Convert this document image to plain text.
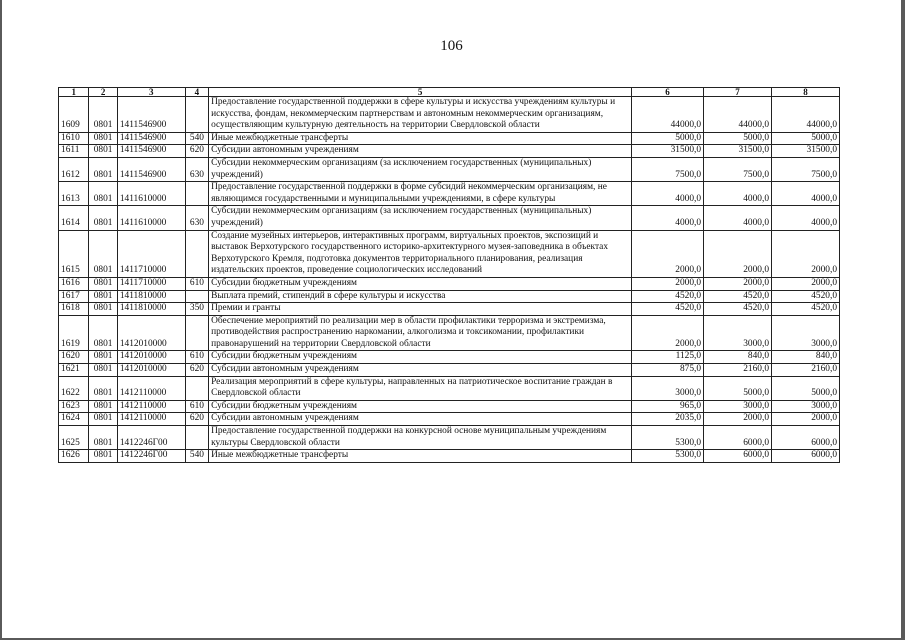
106
1	2	3	4	5	6	7	8
1609	0801	1411546900		Предоставление государственной поддержки в сфере культуры и искусства учреждениям культуры и искусства, фондам, некоммерческим партнерствам и автономным некоммерческим организациям, осуществляющим культурную деятельность на территории Свердловской области	44000,0	44000,0	44000,0
1610	0801	1411546900	540	Иные межбюджетные трансферты	5000,0	5000,0	5000,0
1611	0801	1411546900	620	Субсидии автономным учреждениям	31500,0	31500,0	31500,0
1612	0801	1411546900	630	Субсидии некоммерческим организациям (за исключением государственных (муниципальных) учреждений)	7500,0	7500,0	7500,0
1613	0801	1411610000		Предоставление государственной поддержки в форме субсидий некоммерческим организациям, не являющимся государственными и муниципальными учреждениями, в сфере культуры	4000,0	4000,0	4000,0
1614	0801	1411610000	630	Субсидии некоммерческим организациям (за исключением государственных (муниципальных) учреждений)	4000,0	4000,0	4000,0
1615	0801	1411710000		Создание музейных интерьеров, интерактивных программ, виртуальных проектов, экспозиций и выставок Верхотурского государственного историко-архитектурного музея-заповедника в объектах Верхотурского Кремля, подготовка документов территориального планирования, реализация издательских проектов, проведение социологических исследований	2000,0	2000,0	2000,0
1616	0801	1411710000	610	Субсидии бюджетным учреждениям	2000,0	2000,0	2000,0
1617	0801	1411810000		Выплата премий, стипендий в сфере культуры и искусства	4520,0	4520,0	4520,0
1618	0801	1411810000	350	Премии и гранты	4520,0	4520,0	4520,0
1619	0801	1412010000		Обеспечение мероприятий по реализации мер в области профилактики терроризма и экстремизма, противодействия распространению наркомании, алкоголизма и токсикомании, профилактики правонарушений на территории Свердловской области	2000,0	3000,0	3000,0
1620	0801	1412010000	610	Субсидии бюджетным учреждениям	1125,0	840,0	840,0
1621	0801	1412010000	620	Субсидии автономным учреждениям	875,0	2160,0	2160,0
1622	0801	1412110000		Реализация мероприятий в сфере культуры, направленных на патриотическое воспитание граждан в Свердловской области	3000,0	5000,0	5000,0
1623	0801	1412110000	610	Субсидии бюджетным учреждениям	965,0	3000,0	3000,0
1624	0801	1412110000	620	Субсидии автономным учреждениям	2035,0	2000,0	2000,0
1625	0801	1412246Г00		Предоставление государственной поддержки на конкурсной основе муниципальным учреждениям культуры Свердловской области	5300,0	6000,0	6000,0
1626	0801	1412246Г00	540	Иные межбюджетные трансферты	5300,0	6000,0	6000,0
